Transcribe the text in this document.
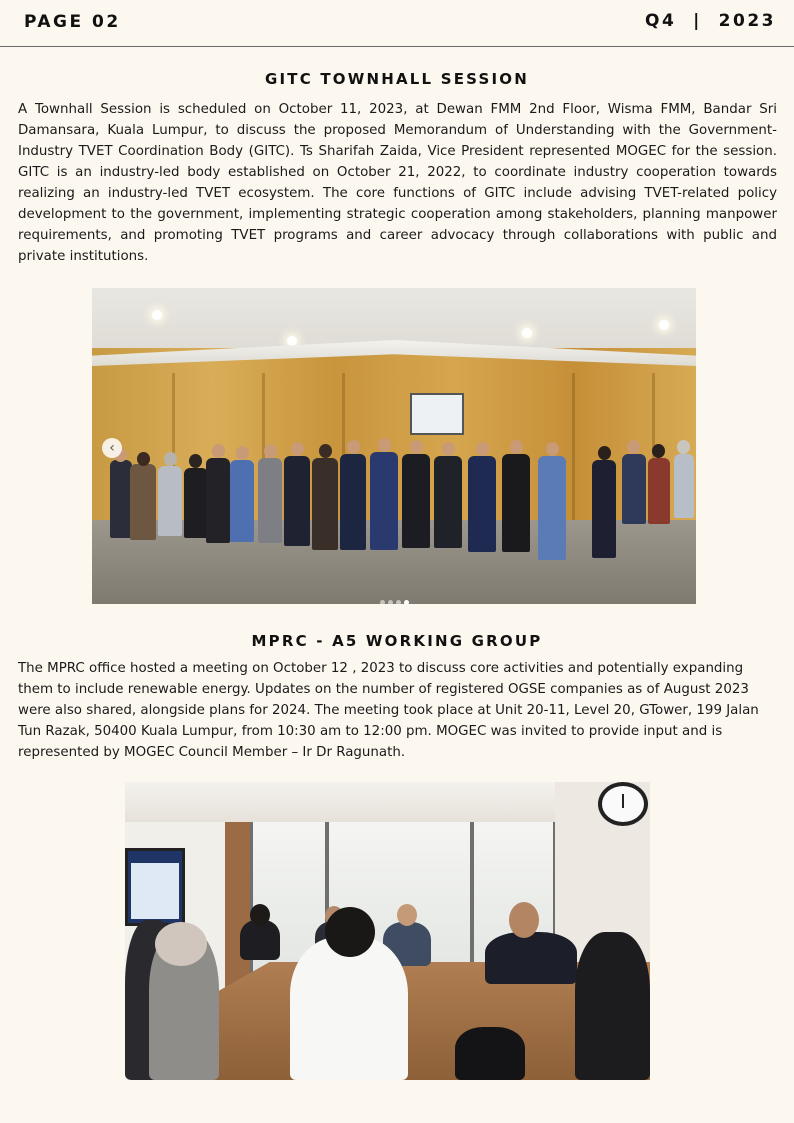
PAGE 02	Q4  |  2023
GITC TOWNHALL SESSION

A Townhall Session is scheduled on October 11, 2023, at Dewan FMM 2nd Floor, Wisma FMM, Bandar Sri Damansara, Kuala Lumpur, to discuss the proposed Memorandum of Understanding with the Government-Industry TVET Coordination Body (GITC). Ts Sharifah Zaida, Vice President represented MOGEC for the session. GITC is an industry-led body established on October 21, 2022, to coordinate industry cooperation towards realizing an industry-led TVET ecosystem. The core functions of GITC include advising TVET-related policy development to the government, implementing strategic cooperation among stakeholders, planning manpower requirements, and promoting TVET programs and career advocacy through collaborations with public and private institutions.

‹
MPRC - A5 WORKING GROUP

The MPRC office hosted a meeting on October 12 , 2023 to discuss core activities and potentially expanding them to include renewable energy. Updates on the number of registered OGSE companies as of August 2023 were also shared, alongside plans for 2024. The meeting took place at Unit 20-11, Level 20, GTower, 199 Jalan Tun Razak, 50400 Kuala Lumpur, from 10:30 am to 12:00 pm. MOGEC was invited to provide input and is represented by MOGEC Council Member – Ir Dr Ragunath.
